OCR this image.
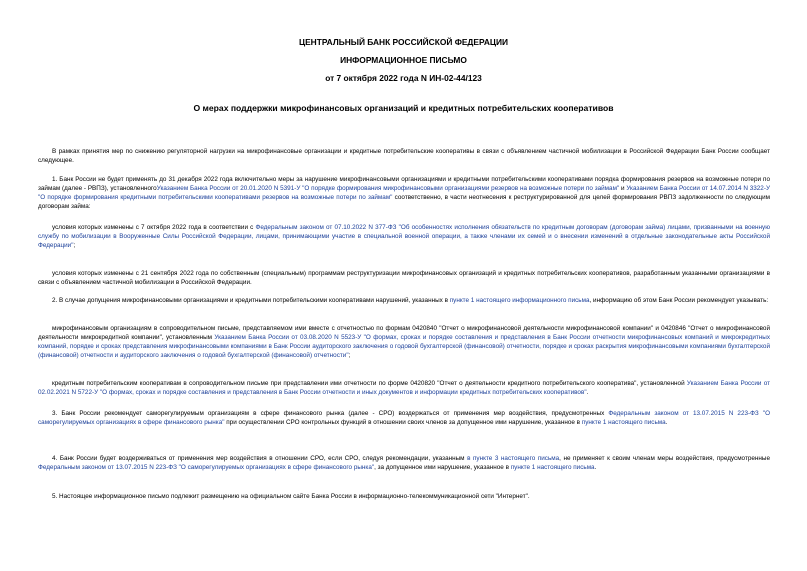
ЦЕНТРАЛЬНЫЙ БАНК РОССИЙСКОЙ ФЕДЕРАЦИИ
ИНФОРМАЦИОННОЕ ПИСЬМО
от 7 октября 2022 года N ИН-02-44/123
О мерах поддержки микрофинансовых организаций и кредитных потребительских кооперативов

В рамках принятия мер по снижению регуляторной нагрузки на микрофинансовые организации и кредитные потребительские кооперативы в связи с объявлением частичной мобилизации в Российской Федерации Банк России сообщает следующее.

1. Банк России не будет применять до 31 декабря 2022 года включительно меры за нарушение микрофинансовыми организациями и кредитными потребительскими кооперативами порядка формирования резервов на возможные потери по займам (далее - РВПЗ), установленногоУказанием Банка России от 20.01.2020 N 5391-У "О порядке формирования микрофинансовыми организациями резервов на возможные потери по займам" и Указанием Банка России от 14.07.2014 N 3322-У "О порядке формирования кредитными потребительскими кооперативами резервов на возможные потери по займам" соответственно, в части неотнесения к реструктурированной для целей формирования РВПЗ задолженности по следующим договорам займа:

условия которых изменены с 7 октября 2022 года в соответствии с Федеральным законом от 07.10.2022 N 377-ФЗ "Об особенностях исполнения обязательств по кредитным договорам (договорам займа) лицами, призванными на военную службу по мобилизации в Вооруженные Силы Российской Федерации, лицами, принимающими участие в специальной военной операции, а также членами их семей и о внесении изменений в отдельные законодательные акты Российской Федерации";

условия которых изменены с 21 сентября 2022 года по собственным (специальным) программам реструктуризации микрофинансовых организаций и кредитных потребительских кооперативов, разработанным указанными организациями в связи с объявлением частичной мобилизации в Российской Федерации.

2. В случае допущения микрофинансовыми организациями и кредитными потребительскими кооперативами нарушений, указанных в пункте 1 настоящего информационного письма, информацию об этом Банк России рекомендует указывать:

микрофинансовым организациям в сопроводительном письме, представляемом ими вместе с отчетностью по формам 0420840 "Отчет о микрофинансовой деятельности микрофинансовой компании" и 0420846 "Отчет о микрофинансовой деятельности микрокредитной компании", установленным Указанием Банка России от 03.08.2020 N 5523-У "О формах, сроках и порядке составления и представления в Банк России отчетности микрофинансовых компаний и микрокредитных компаний, порядке и сроках представления микрофинансовыми компаниями в Банк России аудиторского заключения о годовой бухгалтерской (финансовой) отчетности, порядке и сроках раскрытия микрофинансовыми компаниями бухгалтерской (финансовой) отчетности и аудиторского заключения о годовой бухгалтерской (финансовой) отчетности";

кредитным потребительским кооперативам в сопроводительном письме при представлении ими отчетности по форме 0420820 "Отчет о деятельности кредитного потребительского кооператива", установленной Указанием Банка России от 02.02.2021 N 5722-У "О формах, сроках и порядке составления и представления в Банк России отчетности и иных документов и информации кредитных потребительских кооперативов".

3. Банк России рекомендует саморегулируемым организациям в сфере финансового рынка (далее - СРО) воздержаться от применения мер воздействия, предусмотренных Федеральным законом от 13.07.2015 N 223-ФЗ "О саморегулируемых организациях в сфере финансового рынка" при осуществлении СРО контрольных функций в отношении своих членов за допущенное ими нарушение, указанное в пункте 1 настоящего письма.

4. Банк России будет воздерживаться от применения мер воздействия в отношении СРО, если СРО, следуя рекомендации, указанным в пункте 3 настоящего письма, не применяет к своим членам меры воздействия, предусмотренные Федеральным законом от 13.07.2015 N 223-ФЗ "О саморегулируемых организациях в сфере финансового рынка", за допущенное ими нарушение, указанное в пункте 1 настоящего письма.

5. Настоящее информационное письмо подлежит размещению на официальном сайте Банка России в информационно-телекоммуникационной сети "Интернет".
